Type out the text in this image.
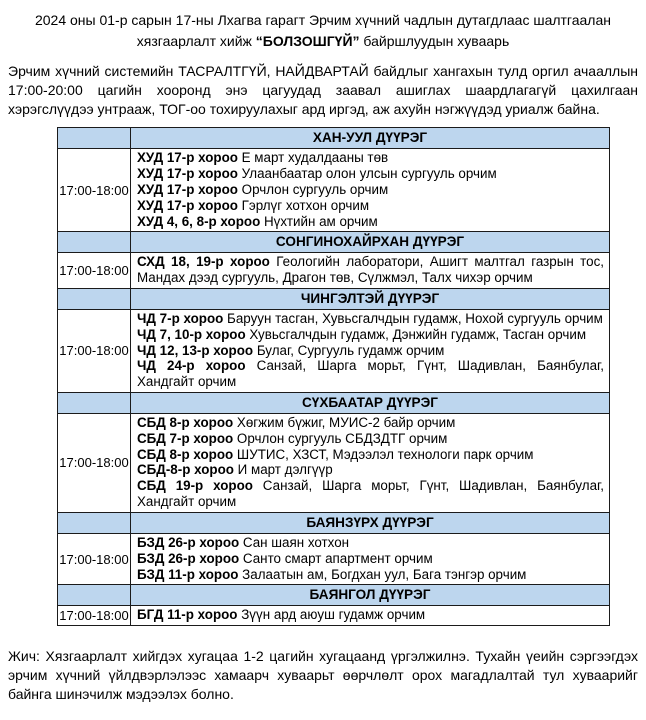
2024 оны 01-р сарын 17-ны Лхагва гарагт Эрчим хүчний чадлын дутагдлаас шалтгаалан
хязгаарлалт хийж “БОЛЗОШГҮЙ” байршлуудын хуваарь

Эрчим хүчний системийн ТАСРАЛТГҮЙ, НАЙДВАРТАЙ байдлыг хангахын тулд оргил ачааллын 17:00-20:00 цагийн хооронд энэ цагуудад заавал ашиглах шаардлагагүй цахилгаан хэрэгслүүдээ унтрааж, ТОГ-оо тохируулахыг ард иргэд, аж ахуйн нэгжүүдэд уриалж байна.

	ХАН-УУЛ ДҮҮРЭГ
17:00-18:00	ХУД 17-р хороо Е март худалдааны төв
ХУД 17-р хороо Улаанбаатар олон улсын сургууль орчим
ХУД 17-р хороо Орчлон сургууль орчим
ХУД 17-р хороо Гэрлүг хотхон орчим
ХУД 4, 6, 8-р хороо Нүхтийн ам орчим

	СОНГИНОХАЙРХАН ДҮҮРЭГ
17:00-18:00	СХД 18, 19-р хороо Геологийн лаборатори, Ашигт малтгал газрын тос, Мандах дээд сургууль, Драгон төв, Сүлжмэл, Талх чихэр орчим

	ЧИНГЭЛТЭЙ ДҮҮРЭГ
17:00-18:00	ЧД 7-р хороо Баруун тасган, Хувьсгалчдын гудамж, Нохой сургууль орчим
ЧД 7, 10-р хороо Хувьсгалчдын гудамж, Дэнжийн гудамж, Тасган орчим
ЧД 12, 13-р хороо Булаг, Сургууль гудамж орчим
ЧД 24-р хороо Санзай, Шарга морьт, Гүнт, Шадивлан, Баянбулаг, Хандгайт орчим

	СҮХБААТАР ДҮҮРЭГ
17:00-18:00	СБД 8-р хороо Хөгжим бүжиг, МУИС-2 байр орчим
СБД 7-р хороо Орчлон сургууль СБДЗДТГ орчим
СБД 8-р хороо ШУТИС, ХЗСТ, Мэдээлэл технологи парк орчим
СБД-8-р хороо И март дэлгүүр
СБД 19-р хороо Санзай, Шарга морьт, Гүнт, Шадивлан, Баянбулаг, Хандгайт орчим

	БАЯНЗҮРХ ДҮҮРЭГ
17:00-18:00	БЗД 26-р хороо Сан шаян хотхон
БЗД 26-р хороо Санто смарт апартмент орчим
БЗД 11-р хороо Залаатын ам, Богдхан уул, Бага тэнгэр орчим

	БАЯНГОЛ ДҮҮРЭГ
17:00-18:00	БГД 11-р хороо Зүүн ард аюуш гудамж орчим

Жич: Хязгаарлалт хийгдэх хугацаа 1-2 цагийн хугацаанд үргэлжилнэ. Тухайн үеийн сэргээгдэх эрчим хүчний үйлдвэрлэлээс хамаарч хуваарьт өөрчлөлт орох магадлалтай тул хуваарийг байнга шинэчилж мэдээлэх болно.
